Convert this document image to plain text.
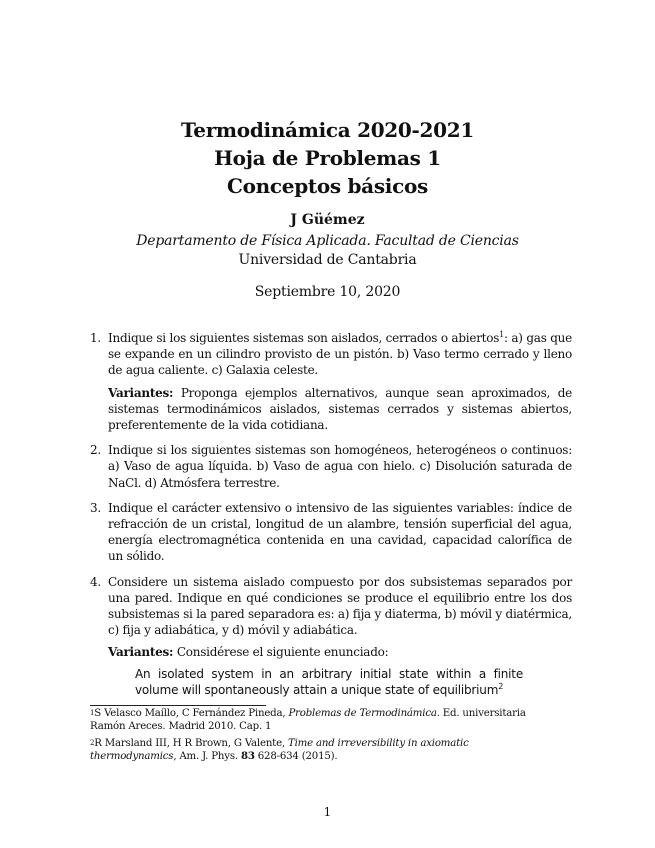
Termodinámica 2020-2021
Hoja de Problemas 1
Conceptos básicos
J Güémez
Departamento de Física Aplicada. Facultad de Ciencias
Universidad de Cantabria
Septiembre 10, 2020
1. Indique si los siguientes sistemas son aislados, cerrados o abiertos$^1$: a) gas que se expande en un cilindro provisto de un pistón. b) Vaso termo cerrado y lleno de agua caliente. c) Galaxia celeste.
Variantes: Proponga ejemplos alternativos, aunque sean aproximados, de sistemas termodinámicos aislados, sistemas cerrados y sistemas abiertos, preferentemente de la vida cotidiana.
2. Indique si los siguientes sistemas son homogéneos, heterogéneos o continuos: a) Vaso de agua líquida. b) Vaso de agua con hielo. c) Disolución saturada de NaCl. d) Atmósfera terrestre.
3. Indique el carácter extensivo o intensivo de las siguientes variables: índice de refracción de un cristal, longitud de un alambre, tensión superficial del agua, energía electromagnética contenida en una cavidad, capacidad calorífica de un sólido.
4. Considere un sistema aislado compuesto por dos subsistemas separados por una pared. Indique en qué condiciones se produce el equilibrio entre los dos subsistemas si la pared separadora es: a) fija y diaterma, b) móvil y diatérmica, c) fija y adiabática, y d) móvil y adiabática.
Variantes: Considérese el siguiente enunciado:
An isolated system in an arbitrary initial state within a finite volume will spontaneously attain a unique state of equilibrium$^2$
$^1$S Velasco Maíllo, C Fernández Pineda, Problemas de Termodinámica. Ed. universitaria Ramón Areces. Madrid 2010. Cap. 1
$^2$R Marsland III, H R Brown, G Valente, Time and irreversibility in axiomatic thermodynamics, Am. J. Phys. 83 628-634 (2015).
1
